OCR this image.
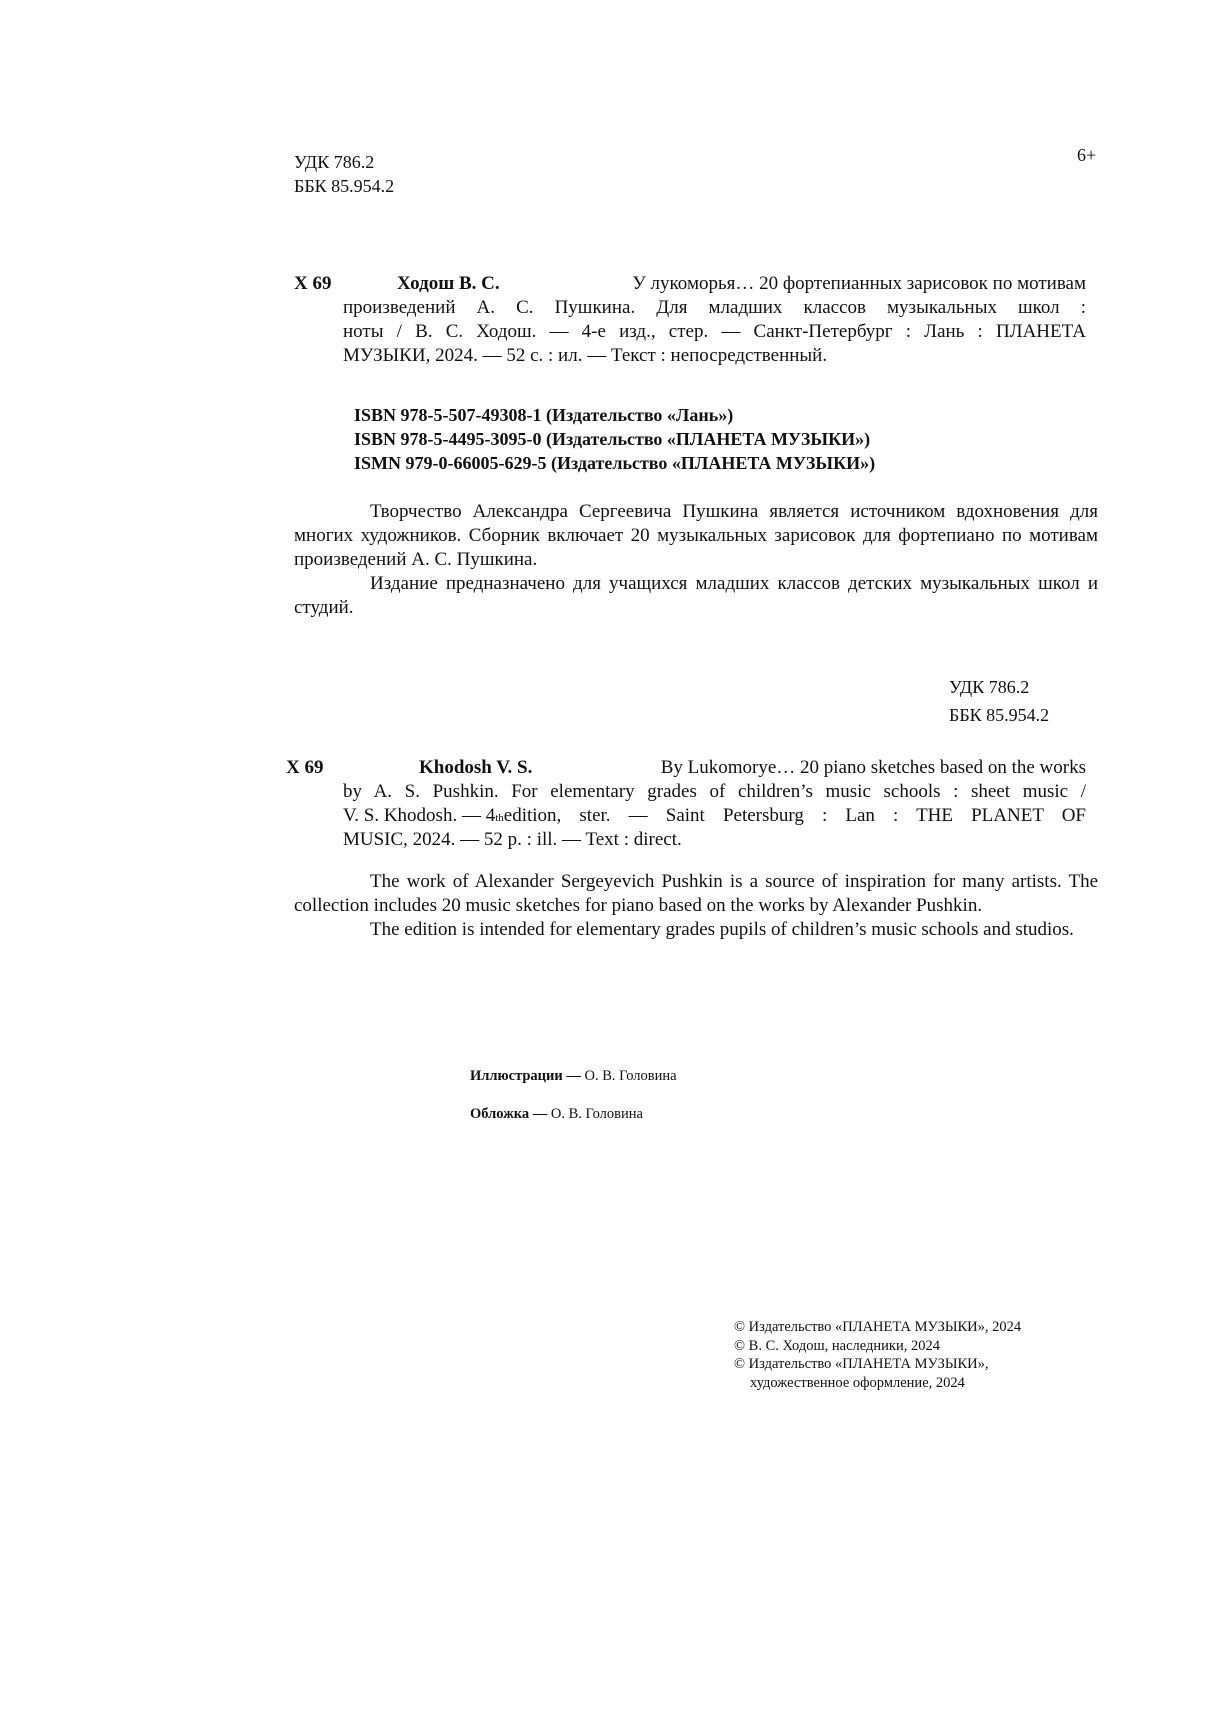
УДК 786.2
ББК 85.954.2
6+
Х 69	Ходош В. С.	У лукоморья… 20 фортепианных зарисовок по мотивам
произведений А. С. Пушкина. Для младших классов музыкальных школ :
ноты / В. С. Ходош. — 4-е изд., стер. — Санкт-Петербург : Лань : ПЛАНЕТА
МУЗЫКИ, 2024. — 52 с. : ил. — Текст : непосредственный.
ISBN 978-5-507-49308-1 (Издательство «Лань»)
ISBN 978-5-4495-3095-0 (Издательство «ПЛАНЕТА МУЗЫКИ»)
ISMN 979-0-66005-629-5 (Издательство «ПЛАНЕТА МУЗЫКИ»)

Творчество Александра Сергеевича Пушкина является источником вдохновения для многих художников. Сборник включает 20 музыкальных зарисовок для фортепиано по мотивам произведений А. С. Пушкина.

Издание предназначено для учащихся младших классов детских музыкальных школ и студий.

УДК 786.2
ББК 85.954.2
Х 69	Khodosh V. S.	By Lukomorye… 20 piano sketches based on the works
by A. S. Pushkin. For elementary grades of children’s music schools : sheet music /
V. S. Khodosh. — 4 th edition, ster. — Saint Petersburg : Lan : THE PLANET OF
MUSIC, 2024. — 52 p. : ill. — Text : direct.

The work of Alexander Sergeyevich Pushkin is a source of inspiration for many artists. The collection includes 20 music sketches for piano based on the works by Alexander Pushkin.

The edition is intended for elementary grades pupils of children’s music schools and studios.

Иллюстрации — О. В. Головина
Обложка — О. В. Головина
© Издательство «ПЛАНЕТА МУЗЫКИ», 2024
© В. С. Ходош, наследники, 2024
© Издательство «ПЛАНЕТА МУЗЫКИ»,
художественное оформление, 2024
